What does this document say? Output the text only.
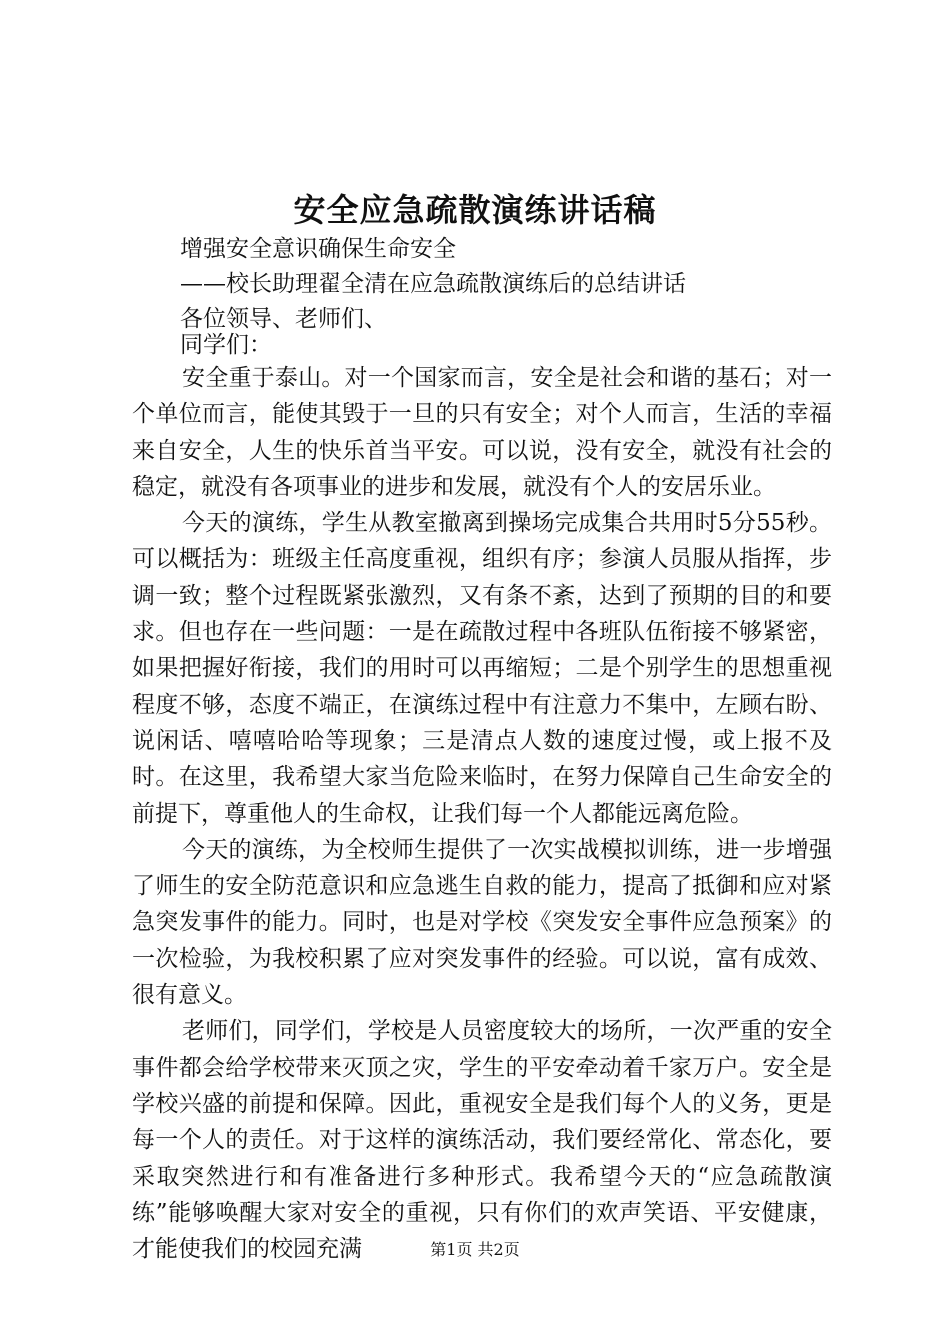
安全应急疏散演练讲话稿
增强安全意识确保生命安全
——校长助理翟全清在应急疏散演练后的总结讲话
各位领导、老师们、
同学们：

安全重于泰山。对一个国家而言，安全是社会和谐的基石；对一个单位而言，能使其毁于一旦的只有安全；对个人而言，生活的幸福来自安全，人生的快乐首当平安。可以说，没有安全，就没有社会的稳定，就没有各项事业的进步和发展，就没有个人的安居乐业。

今天的演练，学生从教室撤离到操场完成集合共用时5分55秒。可以概括为：班级主任高度重视，组织有序；参演人员服从指挥，步调一致；整个过程既紧张激烈，又有条不紊，达到了预期的目的和要求。但也存在一些问题：一是在疏散过程中各班队伍衔接不够紧密，如果把握好衔接，我们的用时可以再缩短；二是个别学生的思想重视程度不够，态度不端正，在演练过程中有注意力不集中，左顾右盼、说闲话、嘻嘻哈哈等现象；三是清点人数的速度过慢，或上报不及时。在这里，我希望大家当危险来临时，在努力保障自己生命安全的前提下，尊重他人的生命权，让我们每一个人都能远离危险。

今天的演练，为全校师生提供了一次实战模拟训练，进一步增强了师生的安全防范意识和应急逃生自救的能力，提高了抵御和应对紧急突发事件的能力。同时，也是对学校《突发安全事件应急预案》的一次检验，为我校积累了应对突发事件的经验。可以说，富有成效、很有意义。

老师们，同学们，学校是人员密度较大的场所，一次严重的安全事件都会给学校带来灭顶之灾，学生的平安牵动着千家万户。安全是学校兴盛的前提和保障。因此，重视安全是我们每个人的义务，更是每一个人的责任。对于这样的演练活动，我们要经常化、常态化，要采取突然进行和有准备进行多种形式。我希望今天的“应急疏散演练”能够唤醒大家对安全的重视，只有你们的欢声笑语、平安健康，才能使我们的校园充满	第1页 共2页
